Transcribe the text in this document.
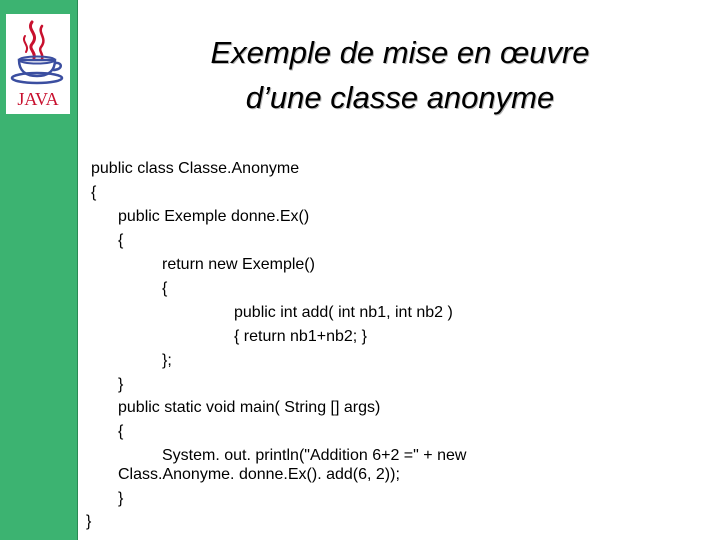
JAVA
Exemple de mise en œuvre
d’une classe anonyme
public class Classe.Anonyme
{
public Exemple donne.Ex()
{
return new Exemple()
{
public int add( int nb1, int nb2 )
{ return nb1+nb2; }
};
}
public static void main( String [] args)
{
System. out. println("Addition 6+2 =" + new
Class.Anonyme. donne.Ex(). add(6, 2));
}
}
